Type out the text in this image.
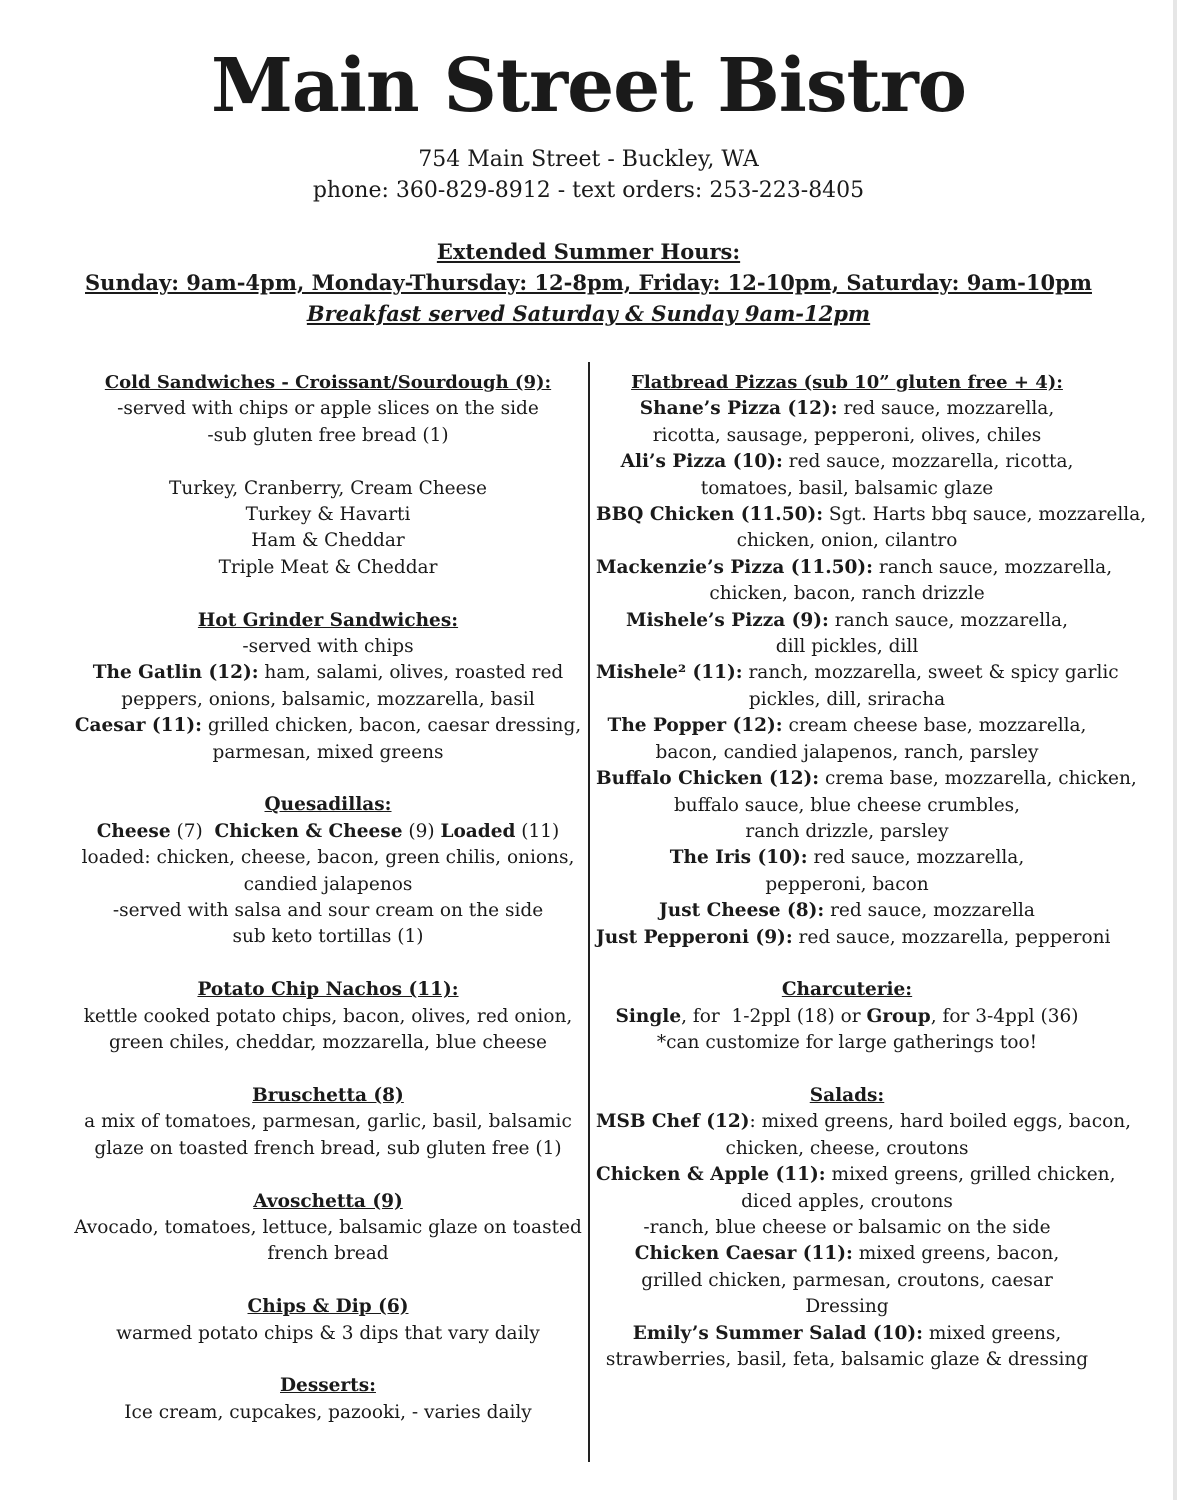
Main Street Bistro
754 Main Street - Buckley, WA
phone: 360-829-8912 - text orders: 253-223-8405
Extended Summer Hours:
Sunday: 9am-4pm, Monday-Thursday: 12-8pm, Friday: 12-10pm, Saturday: 9am-10pm
Breakfast served Saturday & Sunday 9am-12pm
Cold Sandwiches - Croissant/Sourdough (9):
-served with chips or apple slices on the side
-sub gluten free bread (1)
Turkey, Cranberry, Cream Cheese
Turkey & Havarti
Ham & Cheddar
Triple Meat & Cheddar
Hot Grinder Sandwiches:
-served with chips
The Gatlin (12): ham, salami, olives, roasted red
peppers, onions, balsamic, mozzarella, basil
Caesar (11): grilled chicken, bacon, caesar dressing,
parmesan, mixed greens
Quesadillas:
Cheese (7)  Chicken & Cheese (9) Loaded (11)
loaded: chicken, cheese, bacon, green chilis, onions,
candied jalapenos
-served with salsa and sour cream on the side
sub keto tortillas (1)
Potato Chip Nachos (11):
kettle cooked potato chips, bacon, olives, red onion,
green chiles, cheddar, mozzarella, blue cheese
Bruschetta (8)
a mix of tomatoes, parmesan, garlic, basil, balsamic
glaze on toasted french bread, sub gluten free (1)
Avoschetta (9)
Avocado, tomatoes, lettuce, balsamic glaze on toasted
french bread
Chips & Dip (6)
warmed potato chips & 3 dips that vary daily
Desserts:
Ice cream, cupcakes, pazooki, - varies daily
Flatbread Pizzas (sub 10” gluten free + 4):
Shane’s Pizza (12): red sauce, mozzarella,
ricotta, sausage, pepperoni, olives, chiles
Ali’s Pizza (10): red sauce, mozzarella, ricotta,
tomatoes, basil, balsamic glaze
BBQ Chicken (11.50): Sgt. Harts bbq sauce, mozzarella,
chicken, onion, cilantro
Mackenzie’s Pizza (11.50): ranch sauce, mozzarella,
chicken, bacon, ranch drizzle
Mishele’s Pizza (9): ranch sauce, mozzarella,
dill pickles, dill
Mishele² (11): ranch, mozzarella, sweet & spicy garlic
pickles, dill, sriracha
The Popper (12): cream cheese base, mozzarella,
bacon, candied jalapenos, ranch, parsley
Buffalo Chicken (12): crema base, mozzarella, chicken,
buffalo sauce, blue cheese crumbles,
ranch drizzle, parsley
The Iris (10): red sauce, mozzarella,
pepperoni, bacon
Just Cheese (8): red sauce, mozzarella
Just Pepperoni (9): red sauce, mozzarella, pepperoni
Charcuterie:
Single, for  1-2ppl (18) or Group, for 3-4ppl (36)
*can customize for large gatherings too!
Salads:
MSB Chef (12): mixed greens, hard boiled eggs, bacon,
chicken, cheese, croutons
Chicken & Apple (11): mixed greens, grilled chicken,
diced apples, croutons
-ranch, blue cheese or balsamic on the side
Chicken Caesar (11): mixed greens, bacon,
grilled chicken, parmesan, croutons, caesar
Dressing
Emily’s Summer Salad (10): mixed greens,
strawberries, basil, feta, balsamic glaze & dressing
